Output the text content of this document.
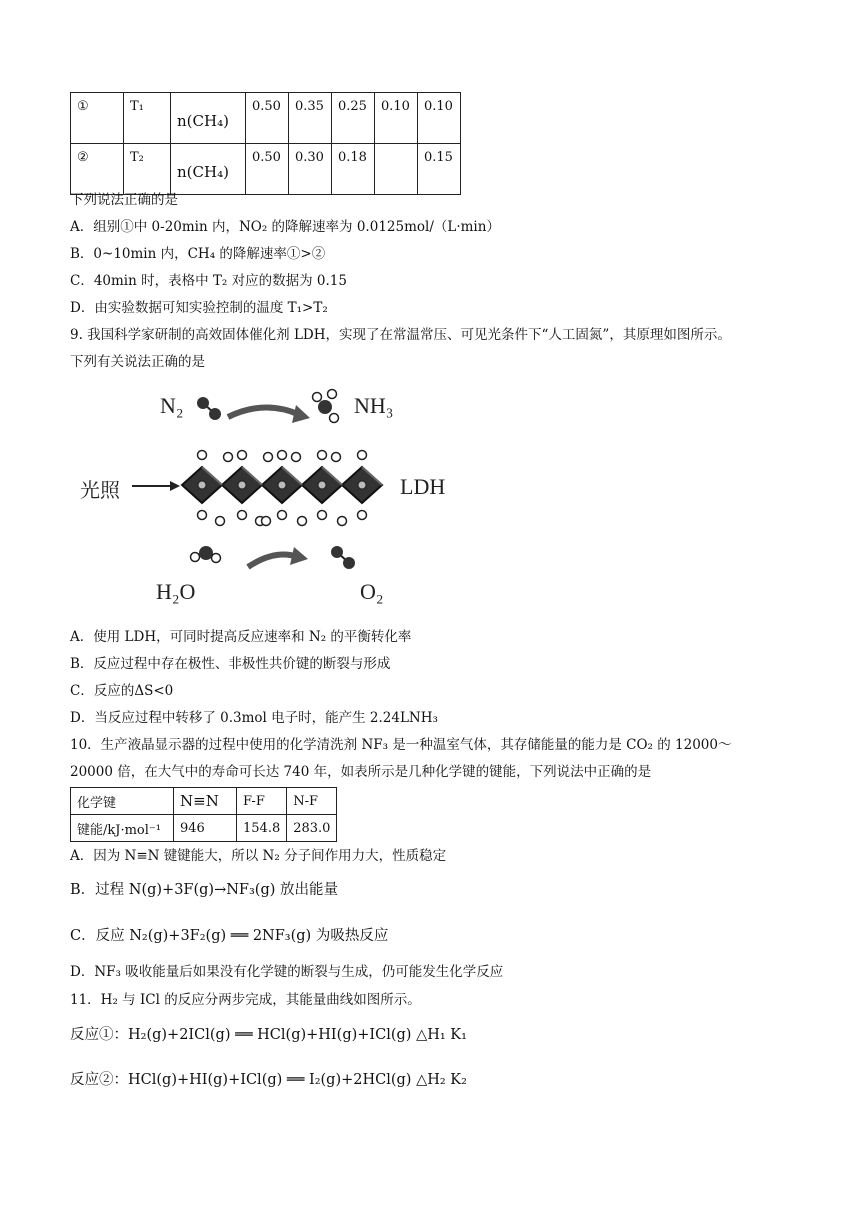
①	T₁	n(CH₄)	0.50	0.35	0.25	0.10	0.10
②	T₂	n(CH₄)	0.50	0.30	0.18		0.15
下列说法正确的是
A．组别①中 0-20min 内，NO₂ 的降解速率为 0.0125mol/（L·min）
B．0~10min 内，CH₄ 的降解速率①>②
C．40min 时，表格中 T₂ 对应的数据为 0.15
D．由实验数据可知实验控制的温度 T₁>T₂
9. 我国科学家研制的高效固体催化剂 LDH，实现了在常温常压、可见光条件下“人工固氮”，其原理如图所示。
下列有关说法正确的是
N₂	NH₃
光照	LDH
H₂O	O₂
A．使用 LDH，可同时提高反应速率和 N₂ 的平衡转化率
B．反应过程中存在极性、非极性共价键的断裂与形成
C．反应的ΔS<0
D．当反应过程中转移了 0.3mol 电子时，能产生 2.24LNH₃
10．生产液晶显示器的过程中使用的化学清洗剂 NF₃ 是一种温室气体，其存储能量的能力是 CO₂ 的 12000～
20000 倍，在大气中的寿命可长达 740 年，如表所示是几种化学键的键能，下列说法中正确的是
化学键	N≡N	F-F	N-F
键能/kJ·mol⁻¹	946	154.8	283.0
A．因为 N≡N 键键能大，所以 N₂ 分子间作用力大，性质稳定
B．过程 N(g)+3F(g)→NF₃(g) 放出能量
C．反应 N₂(g)+3F₂(g) ══ 2NF₃(g) 为吸热反应
D．NF₃ 吸收能量后如果没有化学键的断裂与生成，仍可能发生化学反应
11．H₂ 与 ICl 的反应分两步完成，其能量曲线如图所示。
反应①：H₂(g)+2ICl(g) ══ HCl(g)+HI(g)+ICl(g) △H₁ K₁
反应②：HCl(g)+HI(g)+ICl(g) ══ I₂(g)+2HCl(g) △H₂ K₂
